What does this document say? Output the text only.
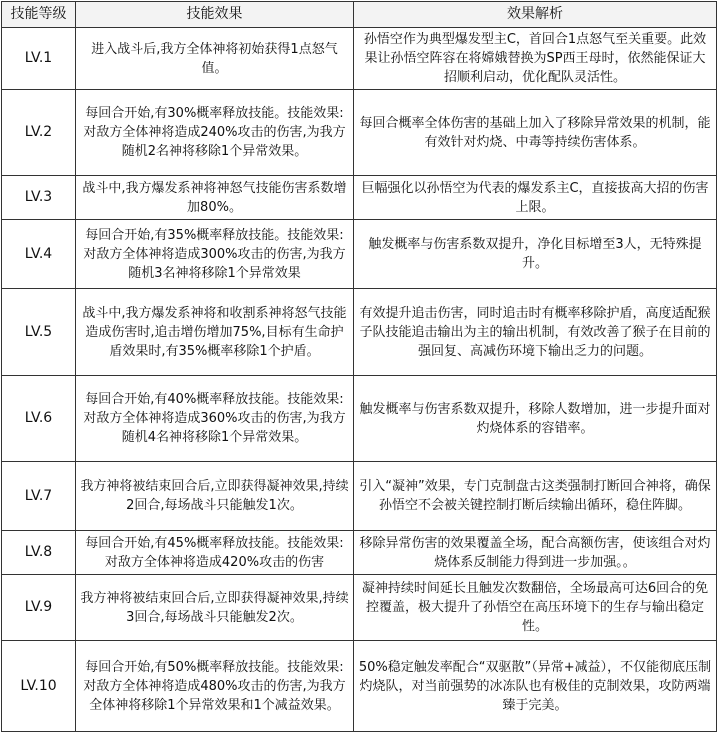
技能等级	技能效果	效果解析
LV.1	进入战斗后,我方全体神将初始获得1点怒气值。	孙悟空作为典型爆发型主C，首回合1点怒气至关重要。此效果让孙悟空阵容在将嫦娥替换为SP西王母时，依然能保证大招顺利启动，优化配队灵活性。

LV.2	每回合开始,有30%概率释放技能。技能效果:对敌方全体神将造成240%攻击的伤害,为我方随机2名神将移除1个异常效果。	每回合概率全体伤害的基础上加入了移除异常效果的机制，能有效针对灼烧、中毒等持续伤害体系。
LV.3	战斗中,我方爆发系神将神怒气技能伤害系数增加80%。	巨幅强化以孙悟空为代表的爆发系主C，直接拔高大招的伤害上限。
LV.4	每回合开始,有35%概率释放技能。技能效果:对敌方全体神将造成300%攻击的伤害,为我方随机3名神将移除1个异常效果	触发概率与伤害系数双提升，净化目标增至3人，无特殊提升。
LV.5	战斗中,我方爆发系神将和收割系神将怒气技能造成伤害时,追击增伤增加75%,目标有生命护盾效果时,有35%概率移除1个护盾。	有效提升追击伤害，同时追击时有概率移除护盾，高度适配猴子队技能追击输出为主的输出机制，有效改善了猴子在目前的强回复、高减伤环境下输出乏力的问题。
LV.6	每回合开始,有40%概率释放技能。技能效果:对敌方全体神将造成360%攻击的伤害,为我方随机4名神将移除1个异常效果。	触发概率与伤害系数双提升，移除人数增加，进一步提升面对灼烧体系的容错率。
LV.7	我方神将被结束回合后,立即获得凝神效果,持续2回合,每场战斗只能触发1次。	引入“凝神”效果，专门克制盘古这类强制打断回合神将，确保孙悟空不会被关键控制打断后续输出循环，稳住阵脚。
LV.8	每回合开始,有45%概率释放技能。技能效果:对敌方全体神将造成420%攻击的伤害	移除异常伤害的效果覆盖全场，配合高额伤害，使该组合对灼烧体系反制能力得到进一步加强。。
LV.9	我方神将被结束回合后,立即获得凝神效果,持续3回合,每场战斗只能触发2次。	凝神持续时间延长且触发次数翻倍，全场最高可达6回合的免控覆盖，极大提升了孙悟空在高压环境下的生存与输出稳定性。
LV.10	每回合开始,有50%概率释放技能。技能效果:对敌方全体神将造成480%攻击的伤害,为我方全体神将移除1个异常效果和1个减益效果。	50%稳定触发率配合“双驱散”（异常+减益），不仅能彻底压制灼烧队，对当前强势的冰冻队也有极佳的克制效果，攻防两端臻于完美。
